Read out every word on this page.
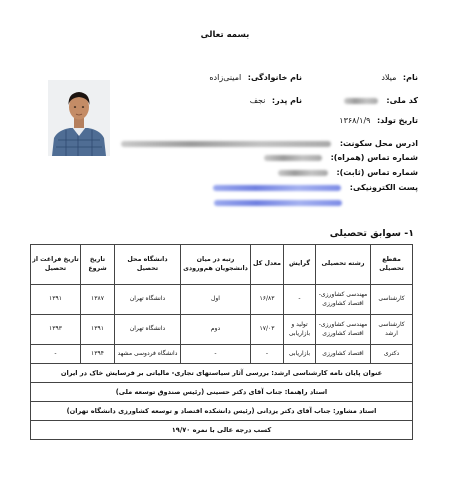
بسمه تعالی
نام: میلاد
نام خانوادگی: امینی‌زاده
کد ملی:
نام پدر: نجف
تاریخ تولد: ۱۳۶۸/۱/۹
ادرس محل سکونت:
شماره تماس (همراه):
شماره تماس (ثابت):
پست الکترونیکی:
۱- سوابق تحصیلی
مقطع تحصیلی	رشته تحصیلی	گرایش	معدل کل	رتبه در میان دانشجویان هم‌ورودی	دانشگاه محل تحصیل	تاریخ شروع	تاریخ فراغت از تحصیل
کارشناسی	مهندسی کشاورزی- اقتصاد کشاورزی	-	۱۶/۸۳	اول	دانشگاه تهران	۱۳۸۷	۱۳۹۱
کارشناسی ارشد	مهندسی کشاورزی- اقتصاد کشاورزی	تولید و بازاریابی	۱۷/۰۳	دوم	دانشگاه تهران	۱۳۹۱	۱۳۹۳
دکتری	اقتصاد کشاورزی	بازاریابی	-	-	دانشگاه فردوسی مشهد	۱۳۹۴	-
عنوان پایان نامه کارشناسی ارشد: بررسی آثار سیاستهای تجاری- مالیاتی بر فرسایش خاک در ایران							
استاد راهنما: جناب آقای دکتر حسینی (رئیس صندوق توسعه ملی)							
استاد مشاور: جناب آقای دکتر یزدانی (رئیس دانشکده اقتصاد و توسعه کشاورزی دانشگاه تهران)							
کسب درجه عالی با نمره ۱۹/۷۰							
